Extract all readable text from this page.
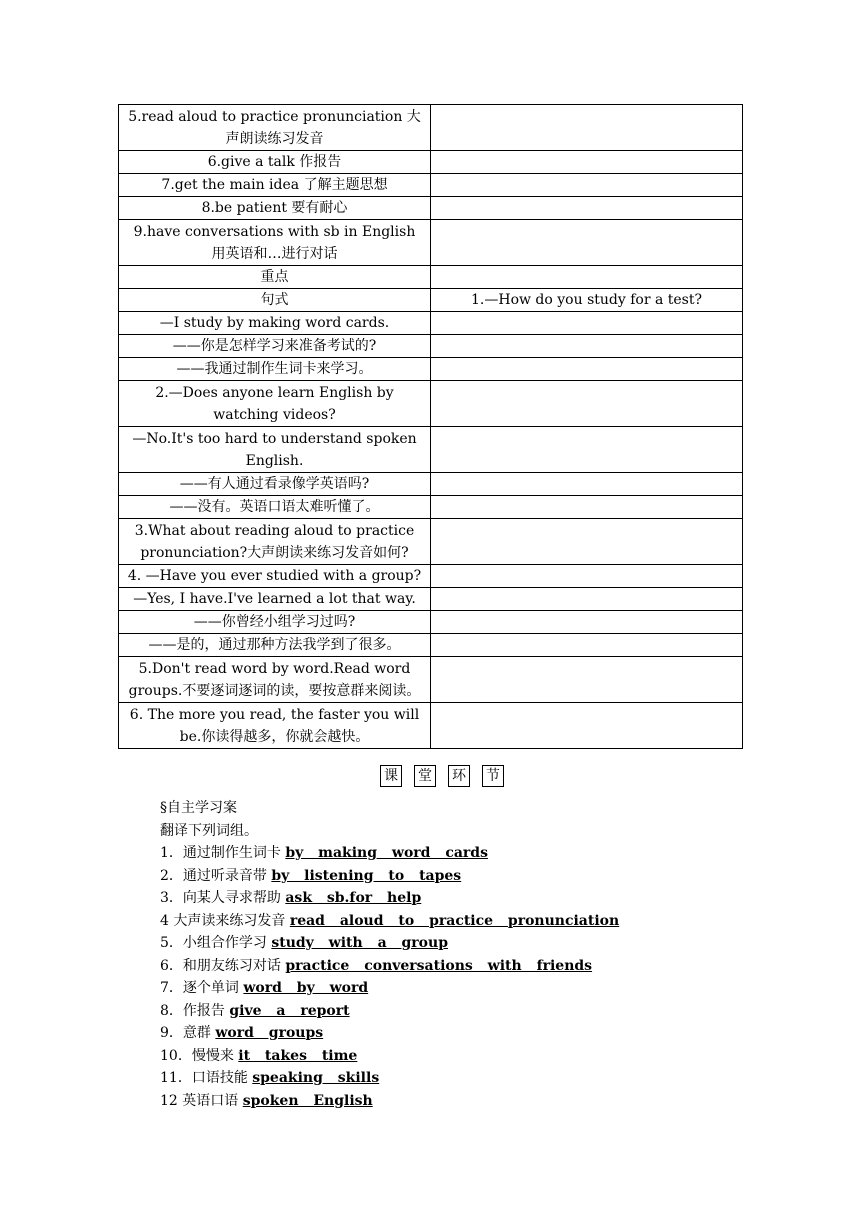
5.read aloud to practice pronunciation 大声朗读练习发音	
6.give a talk 作报告	
7.get the main idea 了解主题思想	
8.be patient 要有耐心	
9.have conversations with sb in English 用英语和…进行对话	
重点	
句式	1.—How do you study for a test?
—I study by making word cards.	
——你是怎样学习来准备考试的?	
——我通过制作生词卡来学习。	
2.—Does anyone learn English by watching videos?	
—No.It's too hard to understand spoken English.	
——有人通过看录像学英语吗?	
——没有。英语口语太难听懂了。	
3.What about reading aloud to practice pronunciation?大声朗读来练习发音如何?	
4. —Have you ever studied with a group?	
—Yes, I have.I've learned a lot that way.	
——你曾经小组学习过吗?	
——是的，通过那种方法我学到了很多。	
5.Don't read word by word.Read word groups.不要逐词逐词的读，要按意群来阅读。	
6. The more you read, the faster you will be.你读得越多，你就会越快。	
课 堂 环 节
§自主学习案
翻译下列词组。
1．通过制作生词卡 by making word cards
2．通过听录音带 by listening to tapes
3．向某人寻求帮助 ask sb.for help
4 大声读来练习发音 read aloud to practice pronunciation
5．小组合作学习 study with a group
6．和朋友练习对话 practice conversations with friends
7．逐个单词 word by word
8．作报告 give a report
9．意群 word groups
10．慢慢来 it takes time
11．口语技能 speaking skills
12 英语口语 spoken English
